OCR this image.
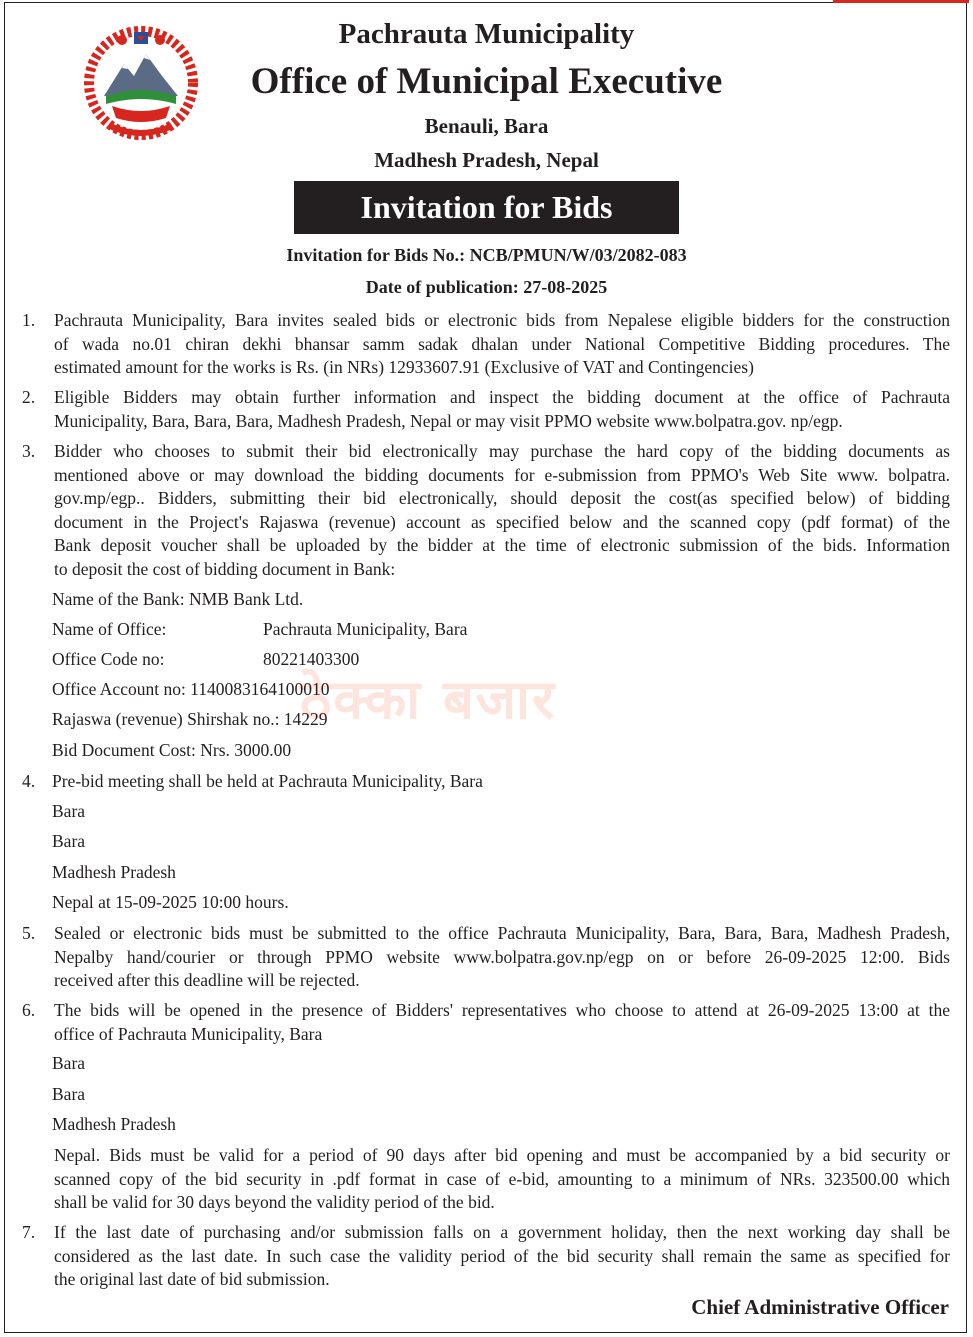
Pachrauta Municipality
Office of Municipal Executive
Benauli, Bara
Madhesh Pradesh, Nepal
Invitation for Bids
Invitation for Bids No.: NCB/PMUN/W/03/2082-083
Date of publication: 27-08-2025
1. Pachrauta Municipality, Bara invites sealed bids or electronic bids from Nepalese eligible bidders for the construction
of wada no.01 chiran dekhi bhansar samm sadak dhalan under National Competitive Bidding procedures. The
estimated amount for the works is Rs. (in NRs) 12933607.91 (Exclusive of VAT and Contingencies)
2. Eligible Bidders may obtain further information and inspect the bidding document at the office of Pachrauta
Municipality, Bara, Bara, Bara, Madhesh Pradesh, Nepal or may visit PPMO website www.bolpatra.gov. np/egp.
3. Bidder who chooses to submit their bid electronically may purchase the hard copy of the bidding documents as
mentioned above or may download the bidding documents for e-submission from PPMO's Web Site www. bolpatra.
gov.mp/egp.. Bidders, submitting their bid electronically, should deposit the cost(as specified below) of bidding
document in the Project's Rajaswa (revenue) account as specified below and the scanned copy (pdf format) of the
Bank deposit voucher shall be uploaded by the bidder at the time of electronic submission of the bids. Information
to deposit the cost of bidding document in Bank:
Name of the Bank: NMB Bank Ltd.
Name of Office:	Pachrauta Municipality, Bara
Office Code no:	80221403300
ठेक्का बजार
Office Account no: 1140083164100010
Rajaswa (revenue) Shirshak no.: 14229
Bid Document Cost: Nrs. 3000.00
4. Pre-bid meeting shall be held at Pachrauta Municipality, Bara
Bara
Bara
Madhesh Pradesh
Nepal at 15-09-2025 10:00 hours.
5. Sealed or electronic bids must be submitted to the office Pachrauta Municipality, Bara, Bara, Bara, Madhesh Pradesh,
Nepalby hand/courier or through PPMO website www.bolpatra.gov.np/egp on or before 26-09-2025 12:00. Bids
received after this deadline will be rejected.
6. The bids will be opened in the presence of Bidders' representatives who choose to attend at 26-09-2025 13:00 at the
office of Pachrauta Municipality, Bara
Bara
Bara
Madhesh Pradesh
Nepal. Bids must be valid for a period of 90 days after bid opening and must be accompanied by a bid security or
scanned copy of the bid security in .pdf format in case of e-bid, amounting to a minimum of NRs. 323500.00 which
shall be valid for 30 days beyond the validity period of the bid.
7. If the last date of purchasing and/or submission falls on a government holiday, then the next working day shall be
considered as the last date. In such case the validity period of the bid security shall remain the same as specified for
the original last date of bid submission.
Chief Administrative Officer
